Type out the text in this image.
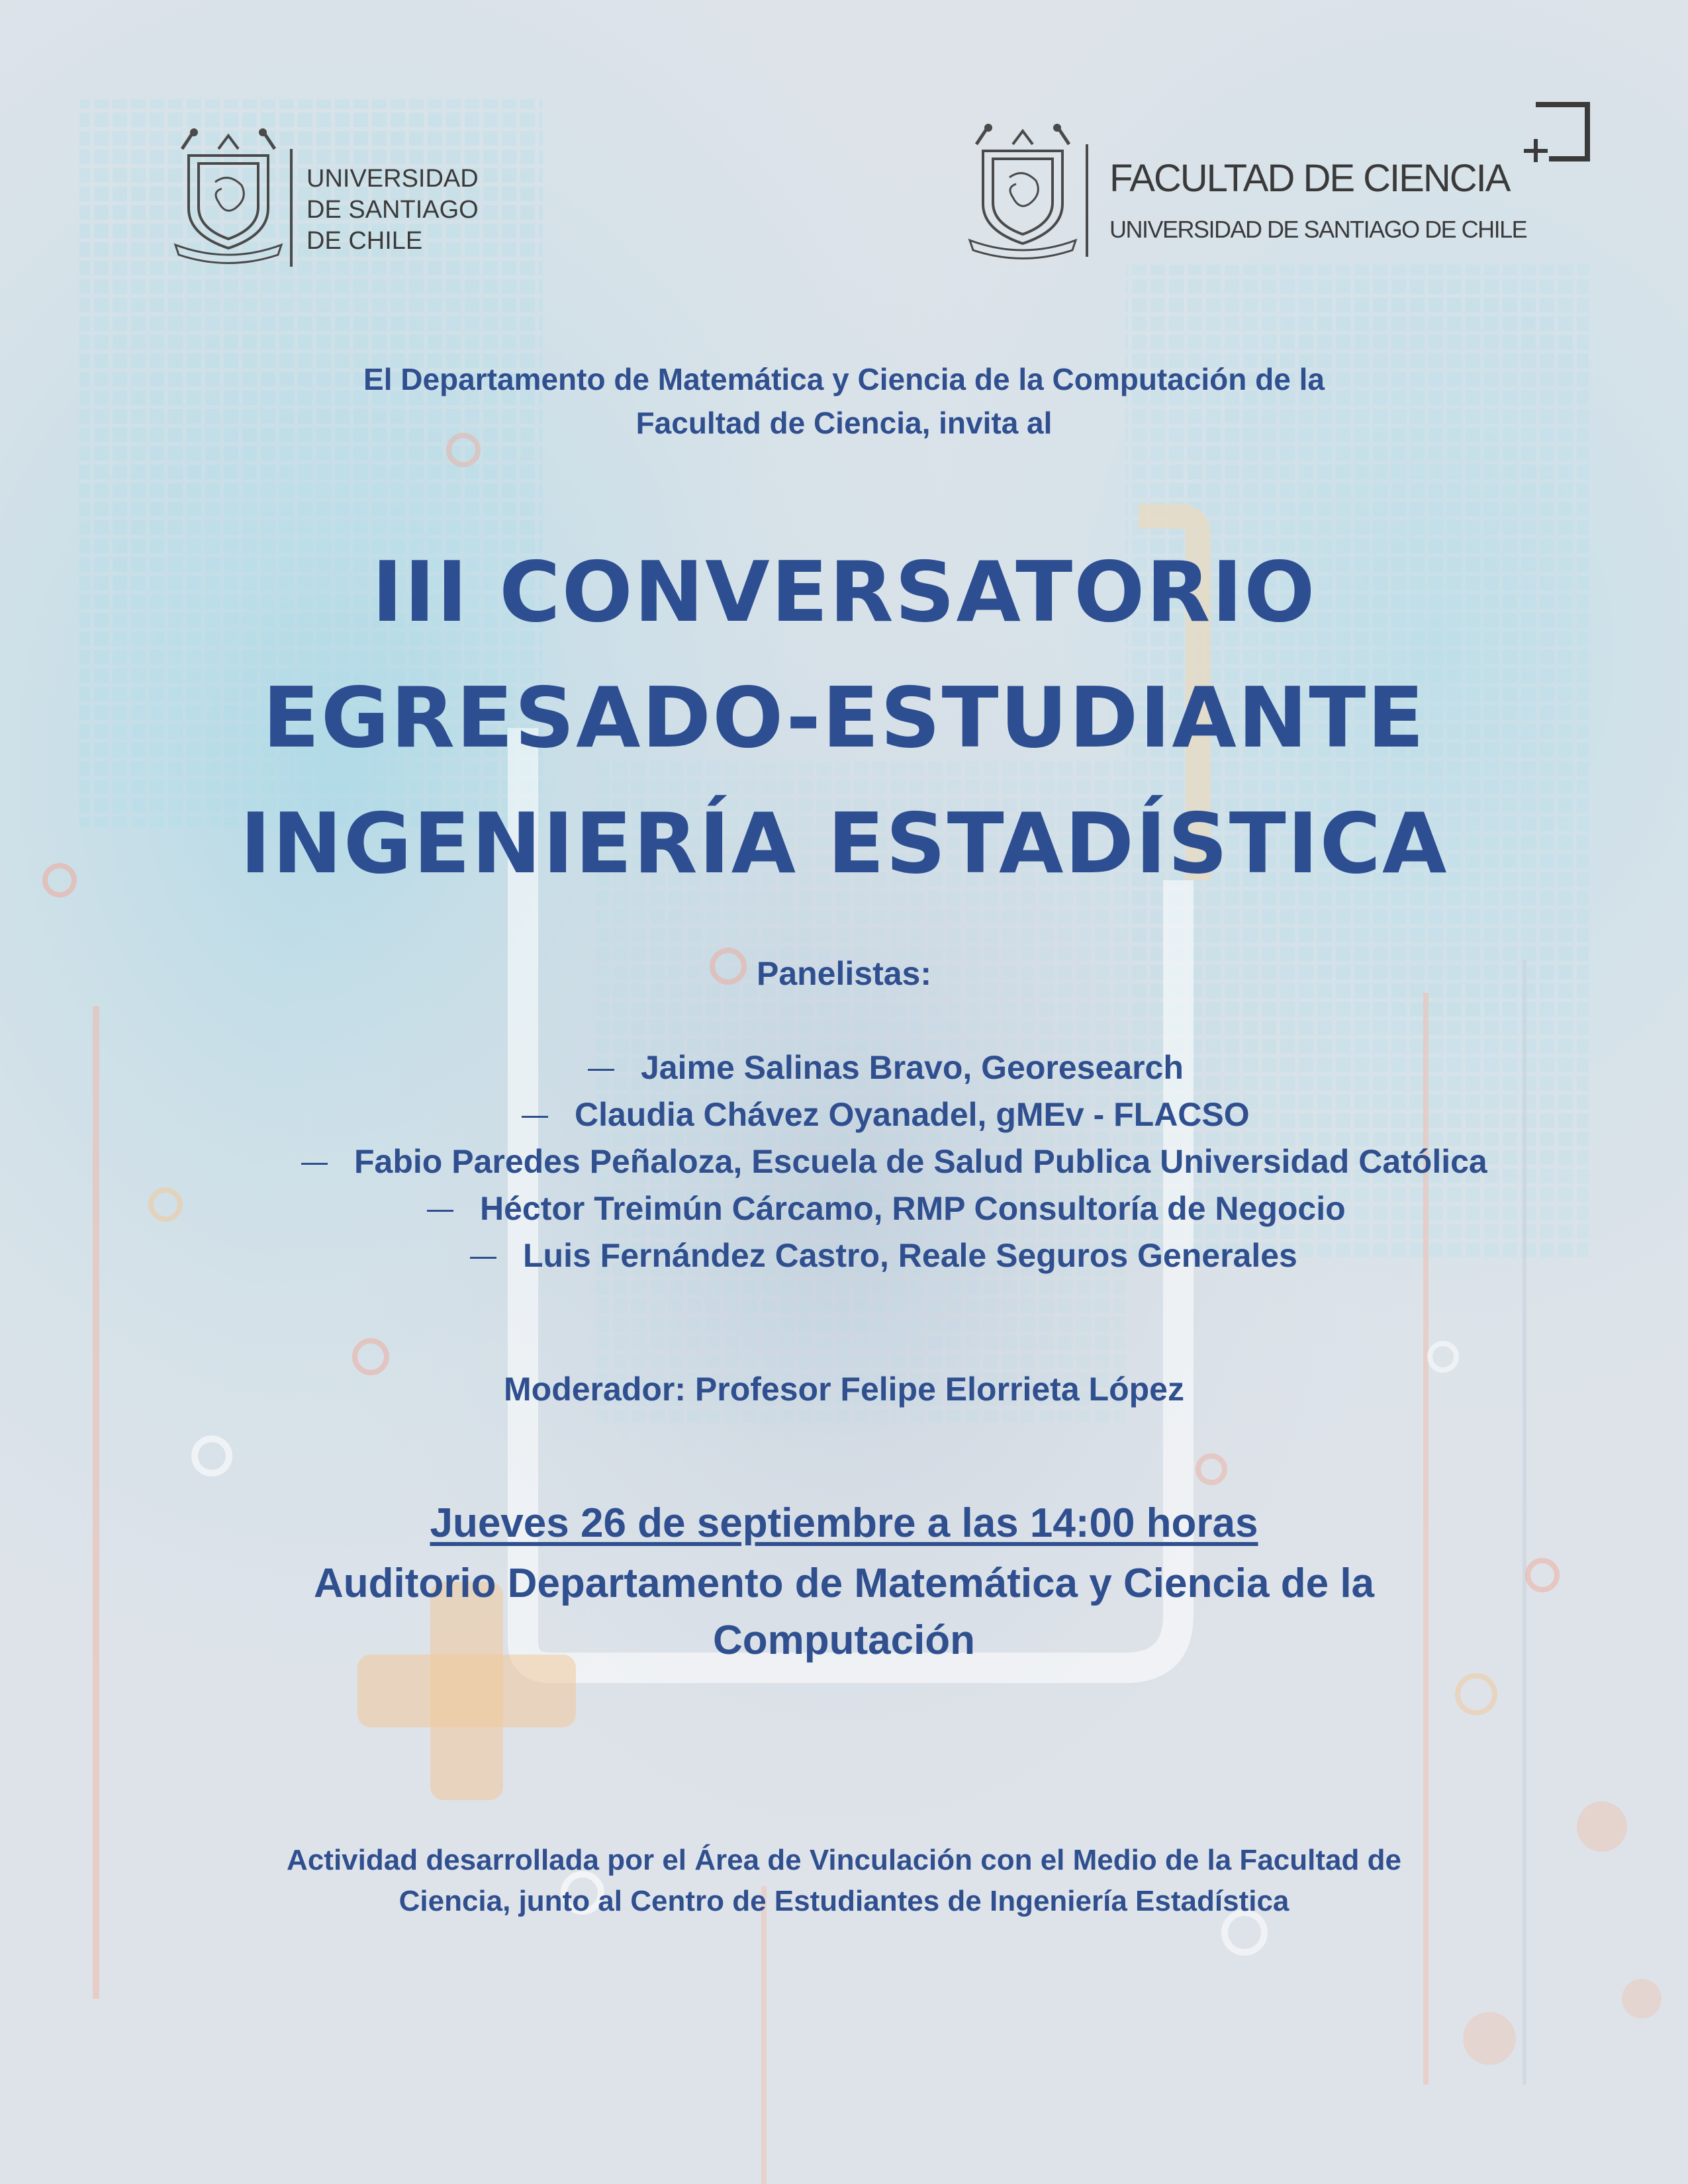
UNIVERSIDAD
DE SANTIAGO
DE CHILE
FACULTAD DE CIENCIA
UNIVERSIDAD DE SANTIAGO DE CHILE
El Departamento de Matemática y Ciencia de la Computación de la
Facultad de Ciencia, invita al
III CONVERSATORIO
EGRESADO-ESTUDIANTE
INGENIERÍA ESTADÍSTICA
Panelistas:
Jaime Salinas Bravo, Georesearch
Claudia Chávez Oyanadel, gMEv - FLACSO
Fabio Paredes Peñaloza, Escuela de Salud Publica Universidad Católica
Héctor Treimún Cárcamo, RMP Consultoría de Negocio
Luis Fernández Castro, Reale Seguros Generales
Moderador: Profesor Felipe Elorrieta López
Jueves 26 de septiembre a las 14:00 horas
Auditorio Departamento de Matemática y Ciencia de la
Computación
Actividad desarrollada por el Área de Vinculación con el Medio de la Facultad de
Ciencia, junto al Centro de Estudiantes de Ingeniería Estadística
